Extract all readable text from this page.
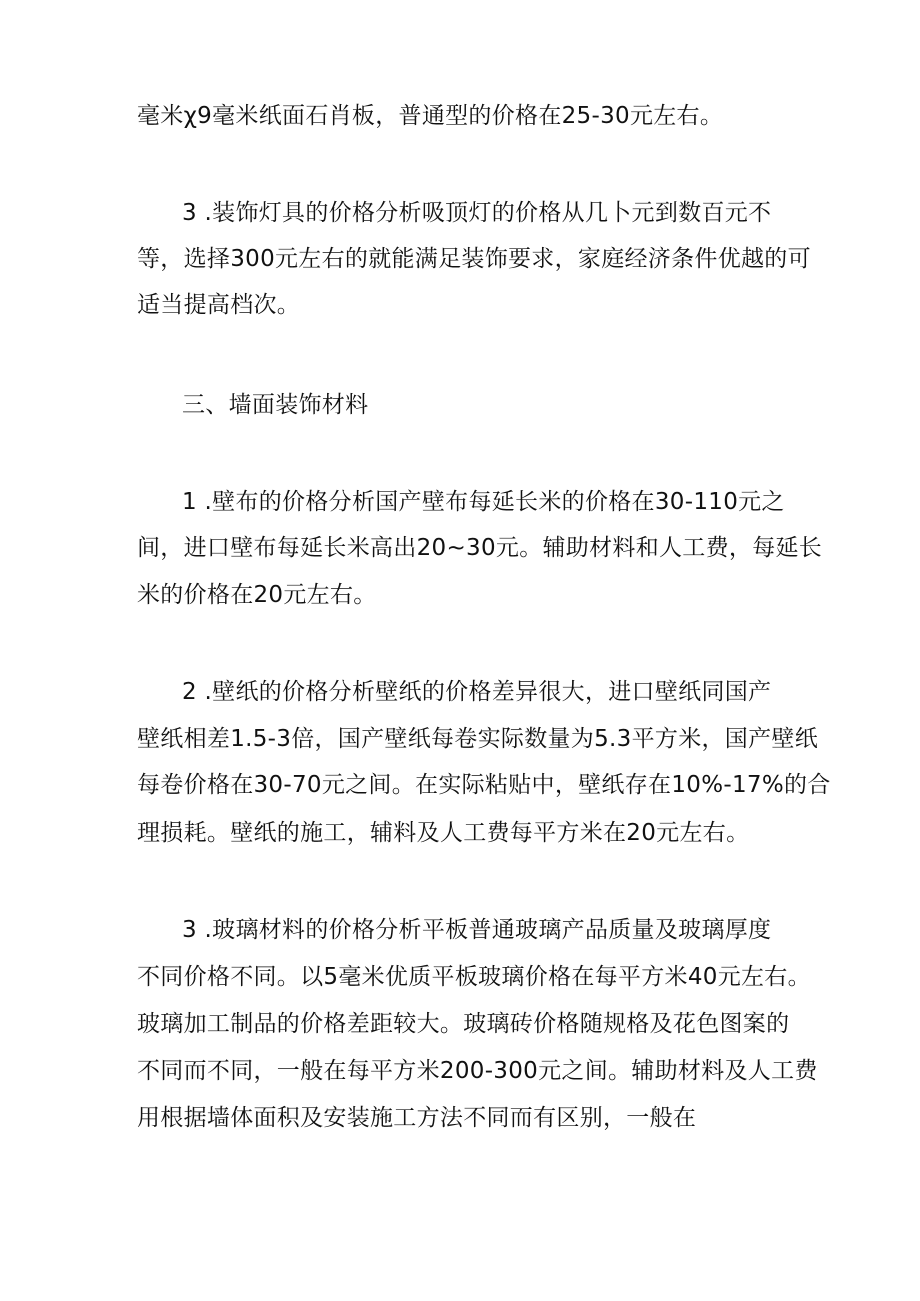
毫米χ9毫米纸面石肖板，普通型的价格在25-30元左右。
3 .装饰灯具的价格分析吸顶灯的价格从几卜元到数百元不
等，选择300元左右的就能满足装饰要求，家庭经济条件优越的可
适当提高档次。
三、墙面装饰材料
1 .壁布的价格分析国产壁布每延长米的价格在30-110元之
间，进口壁布每延长米高出20~30元。辅助材料和人工费，每延长
米的价格在20元左右。
2 .壁纸的价格分析壁纸的价格差异很大，进口壁纸同国产
壁纸相差1.5-3倍，国产壁纸每卷实际数量为5.3平方米，国产壁纸
每卷价格在30-70元之间。在实际粘贴中，壁纸存在10%-17%的合
理损耗。壁纸的施工，辅料及人工费每平方米在20元左右。
3 .玻璃材料的价格分析平板普通玻璃产品质量及玻璃厚度
不同价格不同。以5毫米优质平板玻璃价格在每平方米40元左右。
玻璃加工制品的价格差距较大。玻璃砖价格随规格及花色图案的
不同而不同，一般在每平方米200-300元之间。辅助材料及人工费
用根据墙体面积及安装施工方法不同而有区别，一般在
